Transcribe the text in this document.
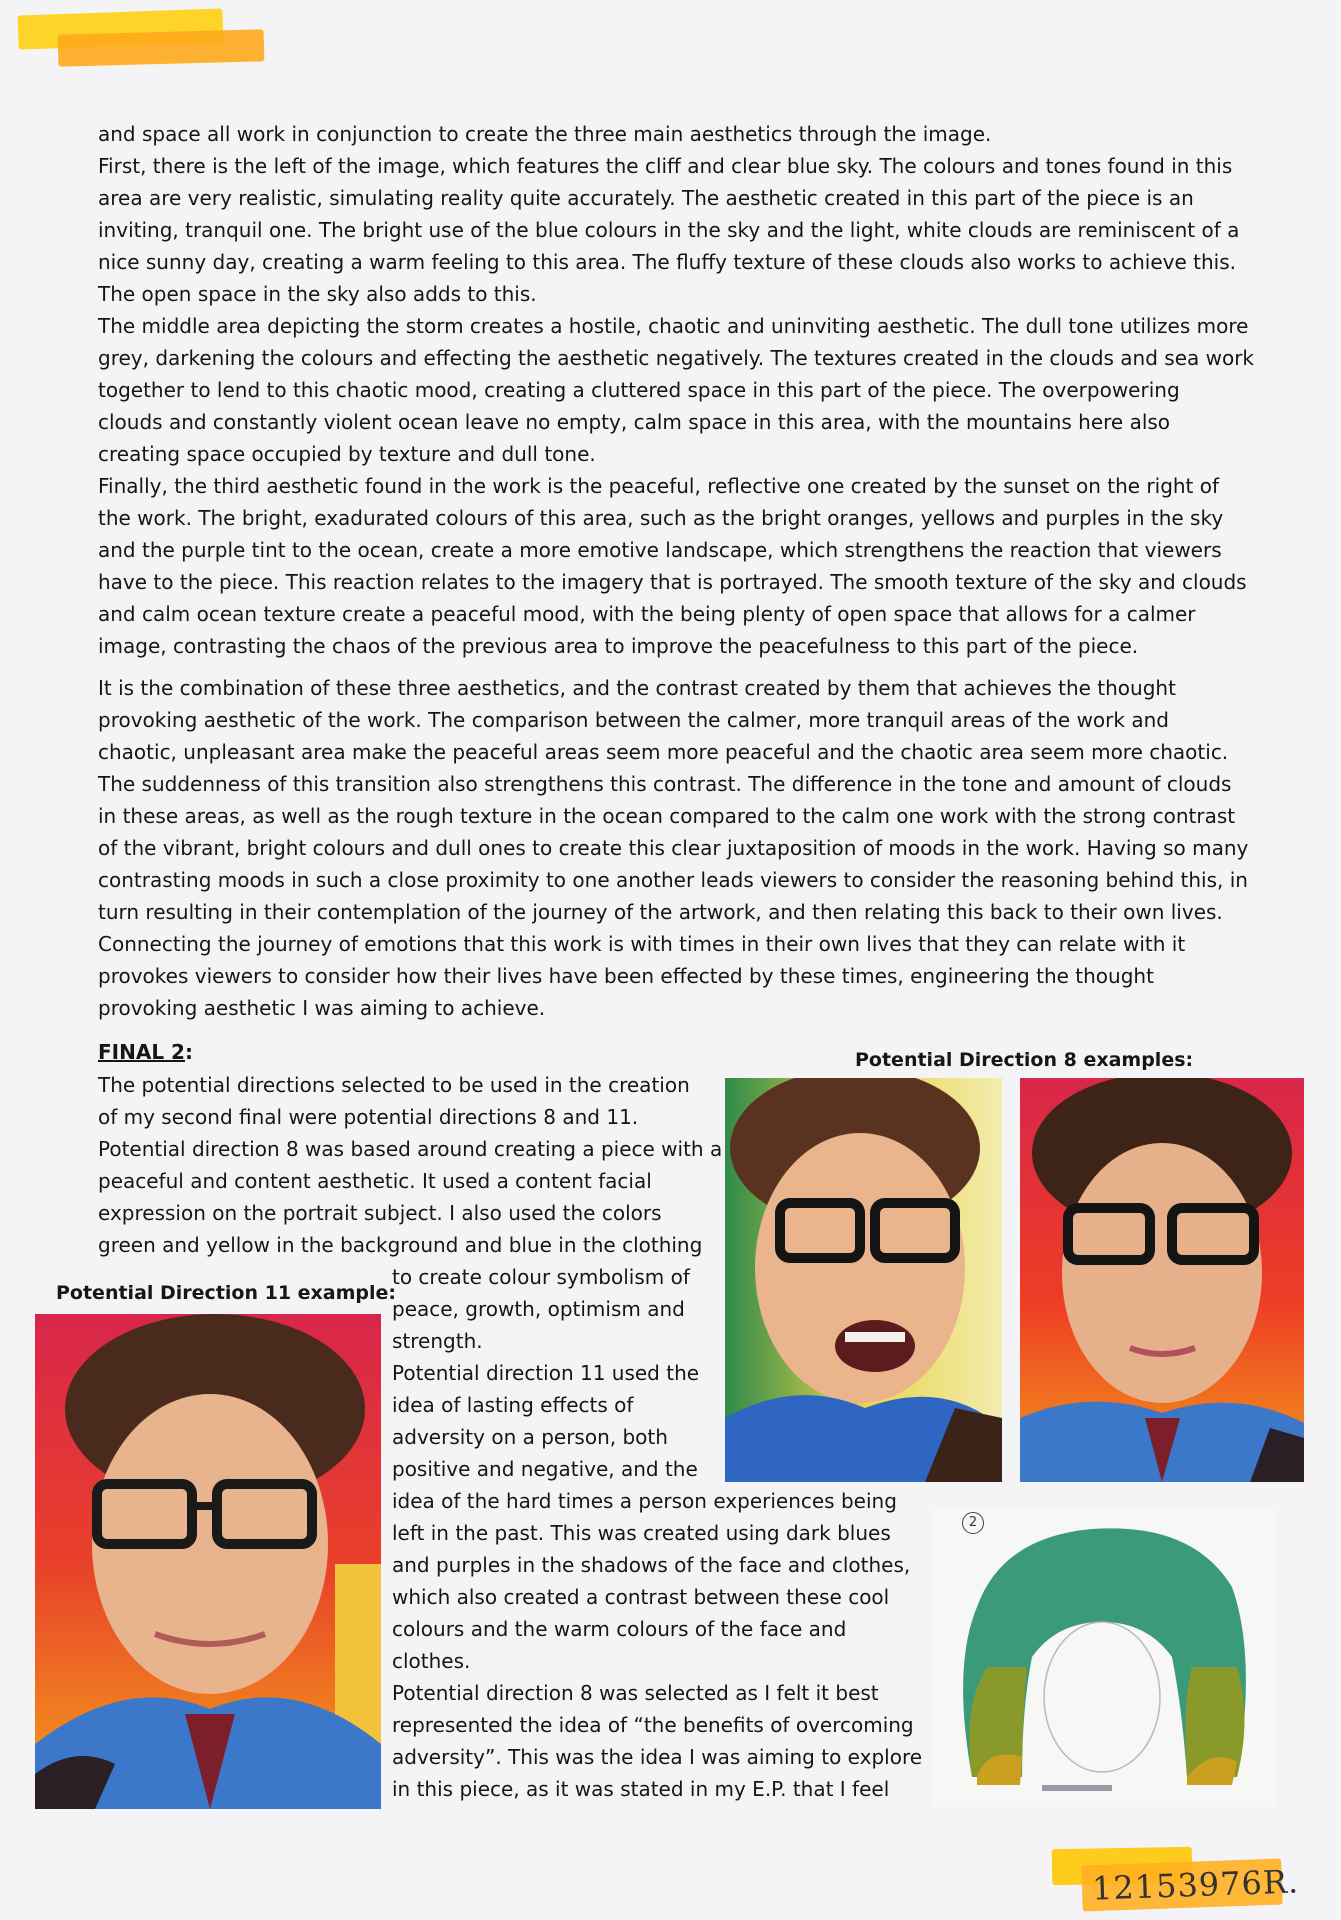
and space all work in conjunction to create the three main aesthetics through the image.
First, there is the left of the image, which features the cliff and clear blue sky. The colours and tones found in this
area are very realistic, simulating reality quite accurately. The aesthetic created in this part of the piece is an
inviting, tranquil one. The bright use of the blue colours in the sky and the light, white clouds are reminiscent of a
nice sunny day, creating a warm feeling to this area. The fluffy texture of these clouds also works to achieve this.
The open space in the sky also adds to this.
The middle area depicting the storm creates a hostile, chaotic and uninviting aesthetic. The dull tone utilizes more
grey, darkening the colours and effecting the aesthetic negatively. The textures created in the clouds and sea work
together to lend to this chaotic mood, creating a cluttered space in this part of the piece. The overpowering
clouds and constantly violent ocean leave no empty, calm space in this area, with the mountains here also
creating space occupied by texture and dull tone.
Finally, the third aesthetic found in the work is the peaceful, reflective one created by the sunset on the right of
the work. The bright, exadurated colours of this area, such as the bright oranges, yellows and purples in the sky
and the purple tint to the ocean, create a more emotive landscape, which strengthens the reaction that viewers
have to the piece. This reaction relates to the imagery that is portrayed. The smooth texture of the sky and clouds
and calm ocean texture create a peaceful mood, with the being plenty of open space that allows for a calmer
image, contrasting the chaos of the previous area to improve the peacefulness to this part of the piece.
It is the combination of these three aesthetics, and the contrast created by them that achieves the thought
provoking aesthetic of the work. The comparison between the calmer, more tranquil areas of the work and
chaotic, unpleasant area make the peaceful areas seem more peaceful and the chaotic area seem more chaotic.
The suddenness of this transition also strengthens this contrast. The difference in the tone and amount of clouds
in these areas, as well as the rough texture in the ocean compared to the calm one work with the strong contrast
of the vibrant, bright colours and dull ones to create this clear juxtaposition of moods in the work. Having so many
contrasting moods in such a close proximity to one another leads viewers to consider the reasoning behind this, in
turn resulting in their contemplation of the journey of the artwork, and then relating this back to their own lives.
Connecting the journey of emotions that this work is with times in their own lives that they can relate with it
provokes viewers to consider how their lives have been effected by these times, engineering the thought
provoking aesthetic I was aiming to achieve.
FINAL 2:
The potential directions selected to be used in the creation
of my second final were potential directions 8 and 11.
Potential direction 8 was based around creating a piece with a
peaceful and content aesthetic. It used a content facial
expression on the portrait subject. I also used the colors
green and yellow in the background and blue in the clothing
to create colour symbolism of
peace, growth, optimism and
strength.
Potential direction 11 used the
idea of lasting effects of
adversity on a person, both
positive and negative, and the
idea of the hard times a person experiences being
left in the past. This was created using dark blues
and purples in the shadows of the face and clothes,
which also created a contrast between these cool
colours and the warm colours of the face and
clothes.
Potential direction 8 was selected as I felt it best
represented the idea of “the benefits of overcoming
adversity”. This was the idea I was aiming to explore
in this piece, as it was stated in my E.P. that I feel
Potential Direction 8 examples:
Potential Direction 11 example:
2
12153976R.
